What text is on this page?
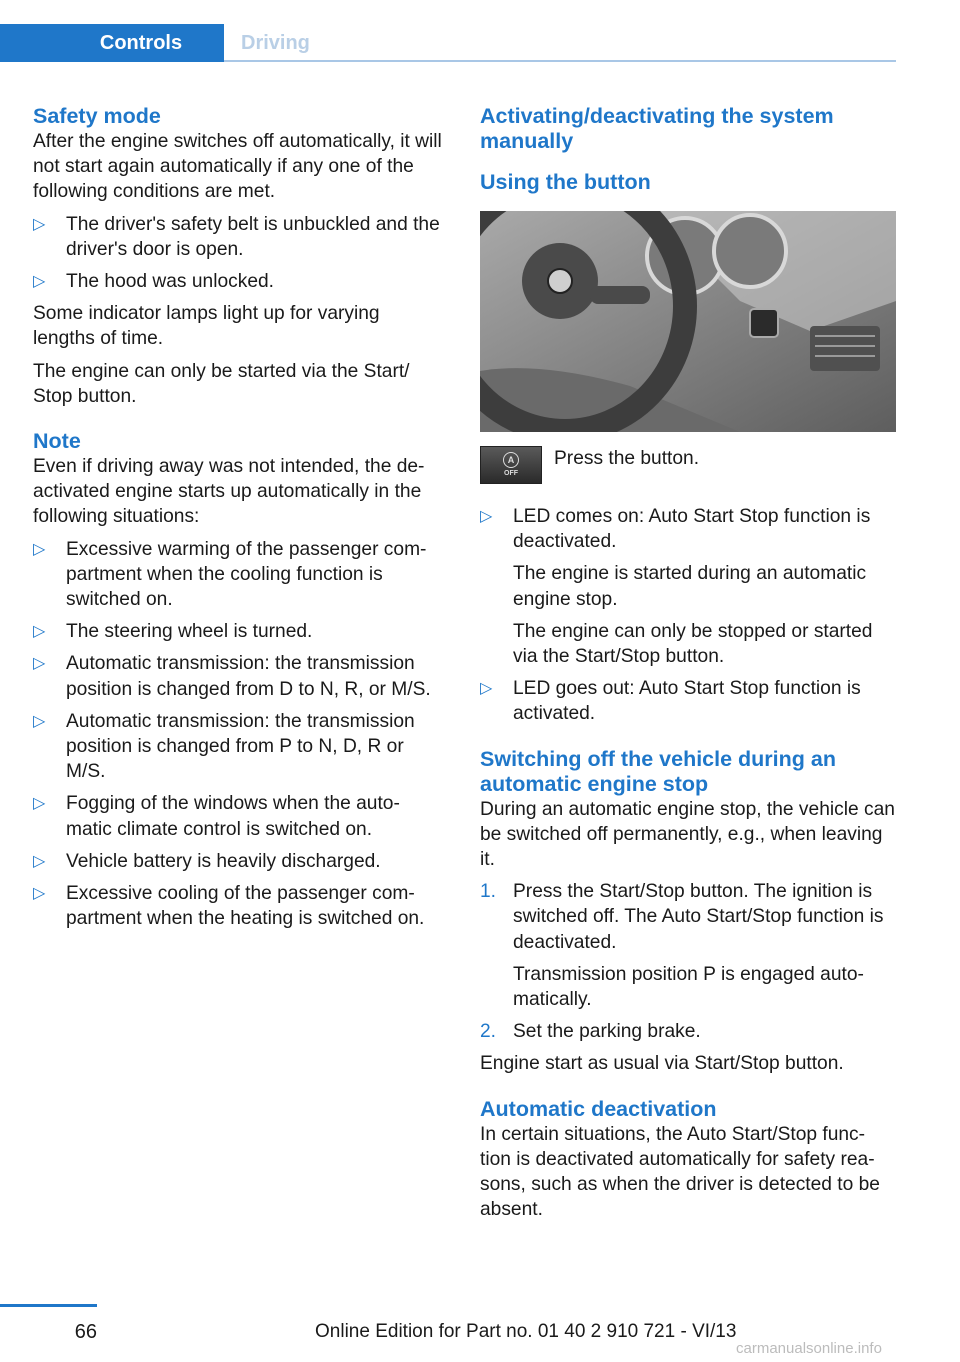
Controls	Driving
Safety mode

After the engine switches off automatically, it will not start again automatically if any one of the following conditions are met.

▷ The driver's safety belt is unbuckled and the driver's door is open.
▷ The hood was unlocked.

Some indicator lamps light up for varying lengths of time.

The engine can only be started via the Start/ Stop button.

Note

Even if driving away was not intended, the de‐ activated engine starts up automatically in the following situations:

▷ Excessive warming of the passenger com‐ partment when the cooling function is switched on.
▷ The steering wheel is turned.
▷ Automatic transmission: the transmission position is changed from D to N, R, or M/S.
▷ Automatic transmission: the transmission position is changed from P to N, D, R or M/S.
▷ Fogging of the windows when the auto‐ matic climate control is switched on.
▷ Vehicle battery is heavily discharged.
▷ Excessive cooling of the passenger com‐ partment when the heating is switched on.
Activating/deactivating the system manually
Using the button
A
OFF
Press the button.
▷ LED comes on: Auto Start Stop function is deactivated.
The engine is started during an automatic engine stop.
The engine can only be stopped or started via the Start/Stop button.
▷ LED goes out: Auto Start Stop function is activated.
Switching off the vehicle during an automatic engine stop

During an automatic engine stop, the vehicle can be switched off permanently, e.g., when leaving it.

1. Press the Start/Stop button. The ignition is switched off. The Auto Start/Stop function is deactivated.
Transmission position P is engaged auto‐ matically.
2. Set the parking brake.

Engine start as usual via Start/Stop button.

Automatic deactivation

In certain situations, the Auto Start/Stop func‐ tion is deactivated automatically for safety rea‐ sons, such as when the driver is detected to be absent.

66	Online Edition for Part no. 01 40 2 910 721 - VI/13
carmanualsonline.info
